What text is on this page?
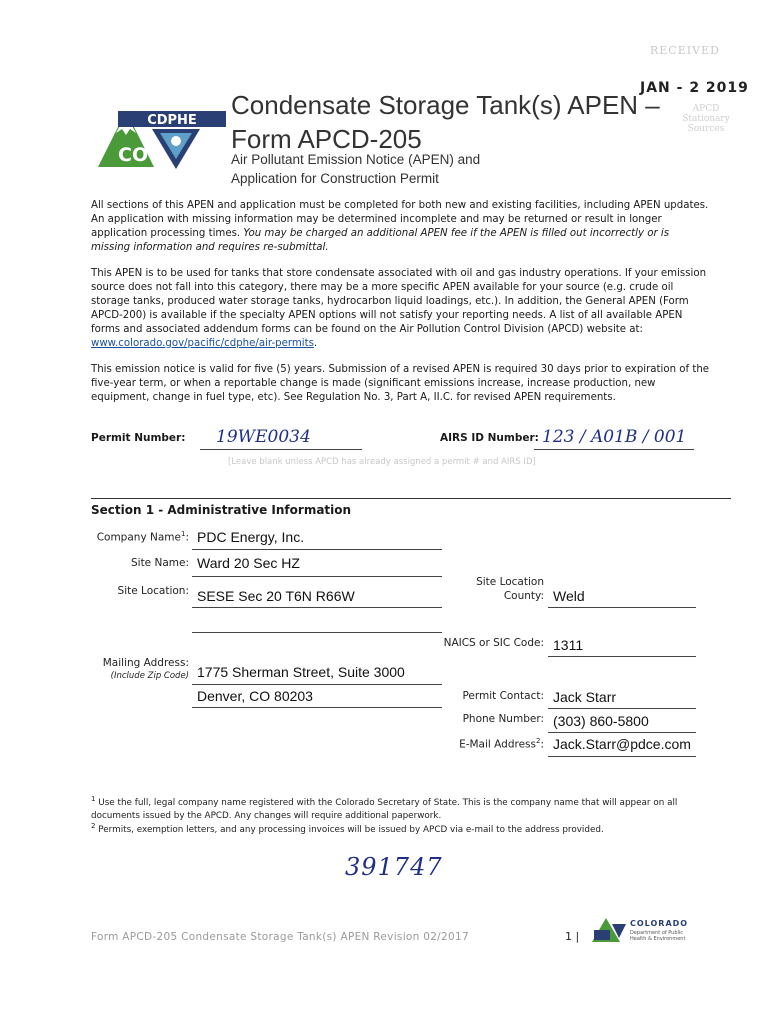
RECEIVED
JAN - 2 2019
APCD
Stationary
Sources
CDPHE
CO
Condensate Storage Tank(s) APEN –
Form APCD-205
Air Pollutant Emission Notice (APEN) and
Application for Construction Permit

All sections of this APEN and application must be completed for both new and existing facilities, including APEN updates. An application with missing information may be determined incomplete and may be returned or result in longer application processing times. You may be charged an additional APEN fee if the APEN is filled out incorrectly or is missing information and requires re-submittal.

This APEN is to be used for tanks that store condensate associated with oil and gas industry operations. If your emission source does not fall into this category, there may be a more specific APEN available for your source (e.g. crude oil storage tanks, produced water storage tanks, hydrocarbon liquid loadings, etc.). In addition, the General APEN (Form APCD-200) is available if the specialty APEN options will not satisfy your reporting needs. A list of all available APEN forms and associated addendum forms can be found on the Air Pollution Control Division (APCD) website at: www.colorado.gov/pacific/cdphe/air-permits.

This emission notice is valid for five (5) years. Submission of a revised APEN is required 30 days prior to expiration of the five-year term, or when a reportable change is made (significant emissions increase, increase production, new equipment, change in fuel type, etc). See Regulation No. 3, Part A, II.C. for revised APEN requirements.

Permit Number: 19WE0034	AIRS ID Number: 123 / A01B / 001
[Leave blank unless APCD has already assigned a permit # and AIRS ID]
Section 1 - Administrative Information
Company Name$^1$: PDC Energy, Inc.
Site Name: Ward 20 Sec HZ
Site Location: SESE Sec 20 T6N R66W
Site Location
County: Weld
NAICS or SIC Code: 1311
Mailing Address:
(Include Zip Code) 1775 Sherman Street, Suite 3000
Denver, CO 80203	Permit Contact: Jack Starr
Phone Number: (303) 860-5800
E-Mail Address$^2$: Jack.Starr@pdce.com
$^1$ Use the full, legal company name registered with the Colorado Secretary of State. This is the company name that will appear on all documents issued by the APCD. Any changes will require additional paperwork.
$^2$ Permits, exemption letters, and any processing invoices will be issued by APCD via e-mail to the address provided.
391747
Form APCD-205 Condensate Storage Tank(s) APEN Revision 02/2017	1 |
COLORADO
Department of Public
Health & Environment
